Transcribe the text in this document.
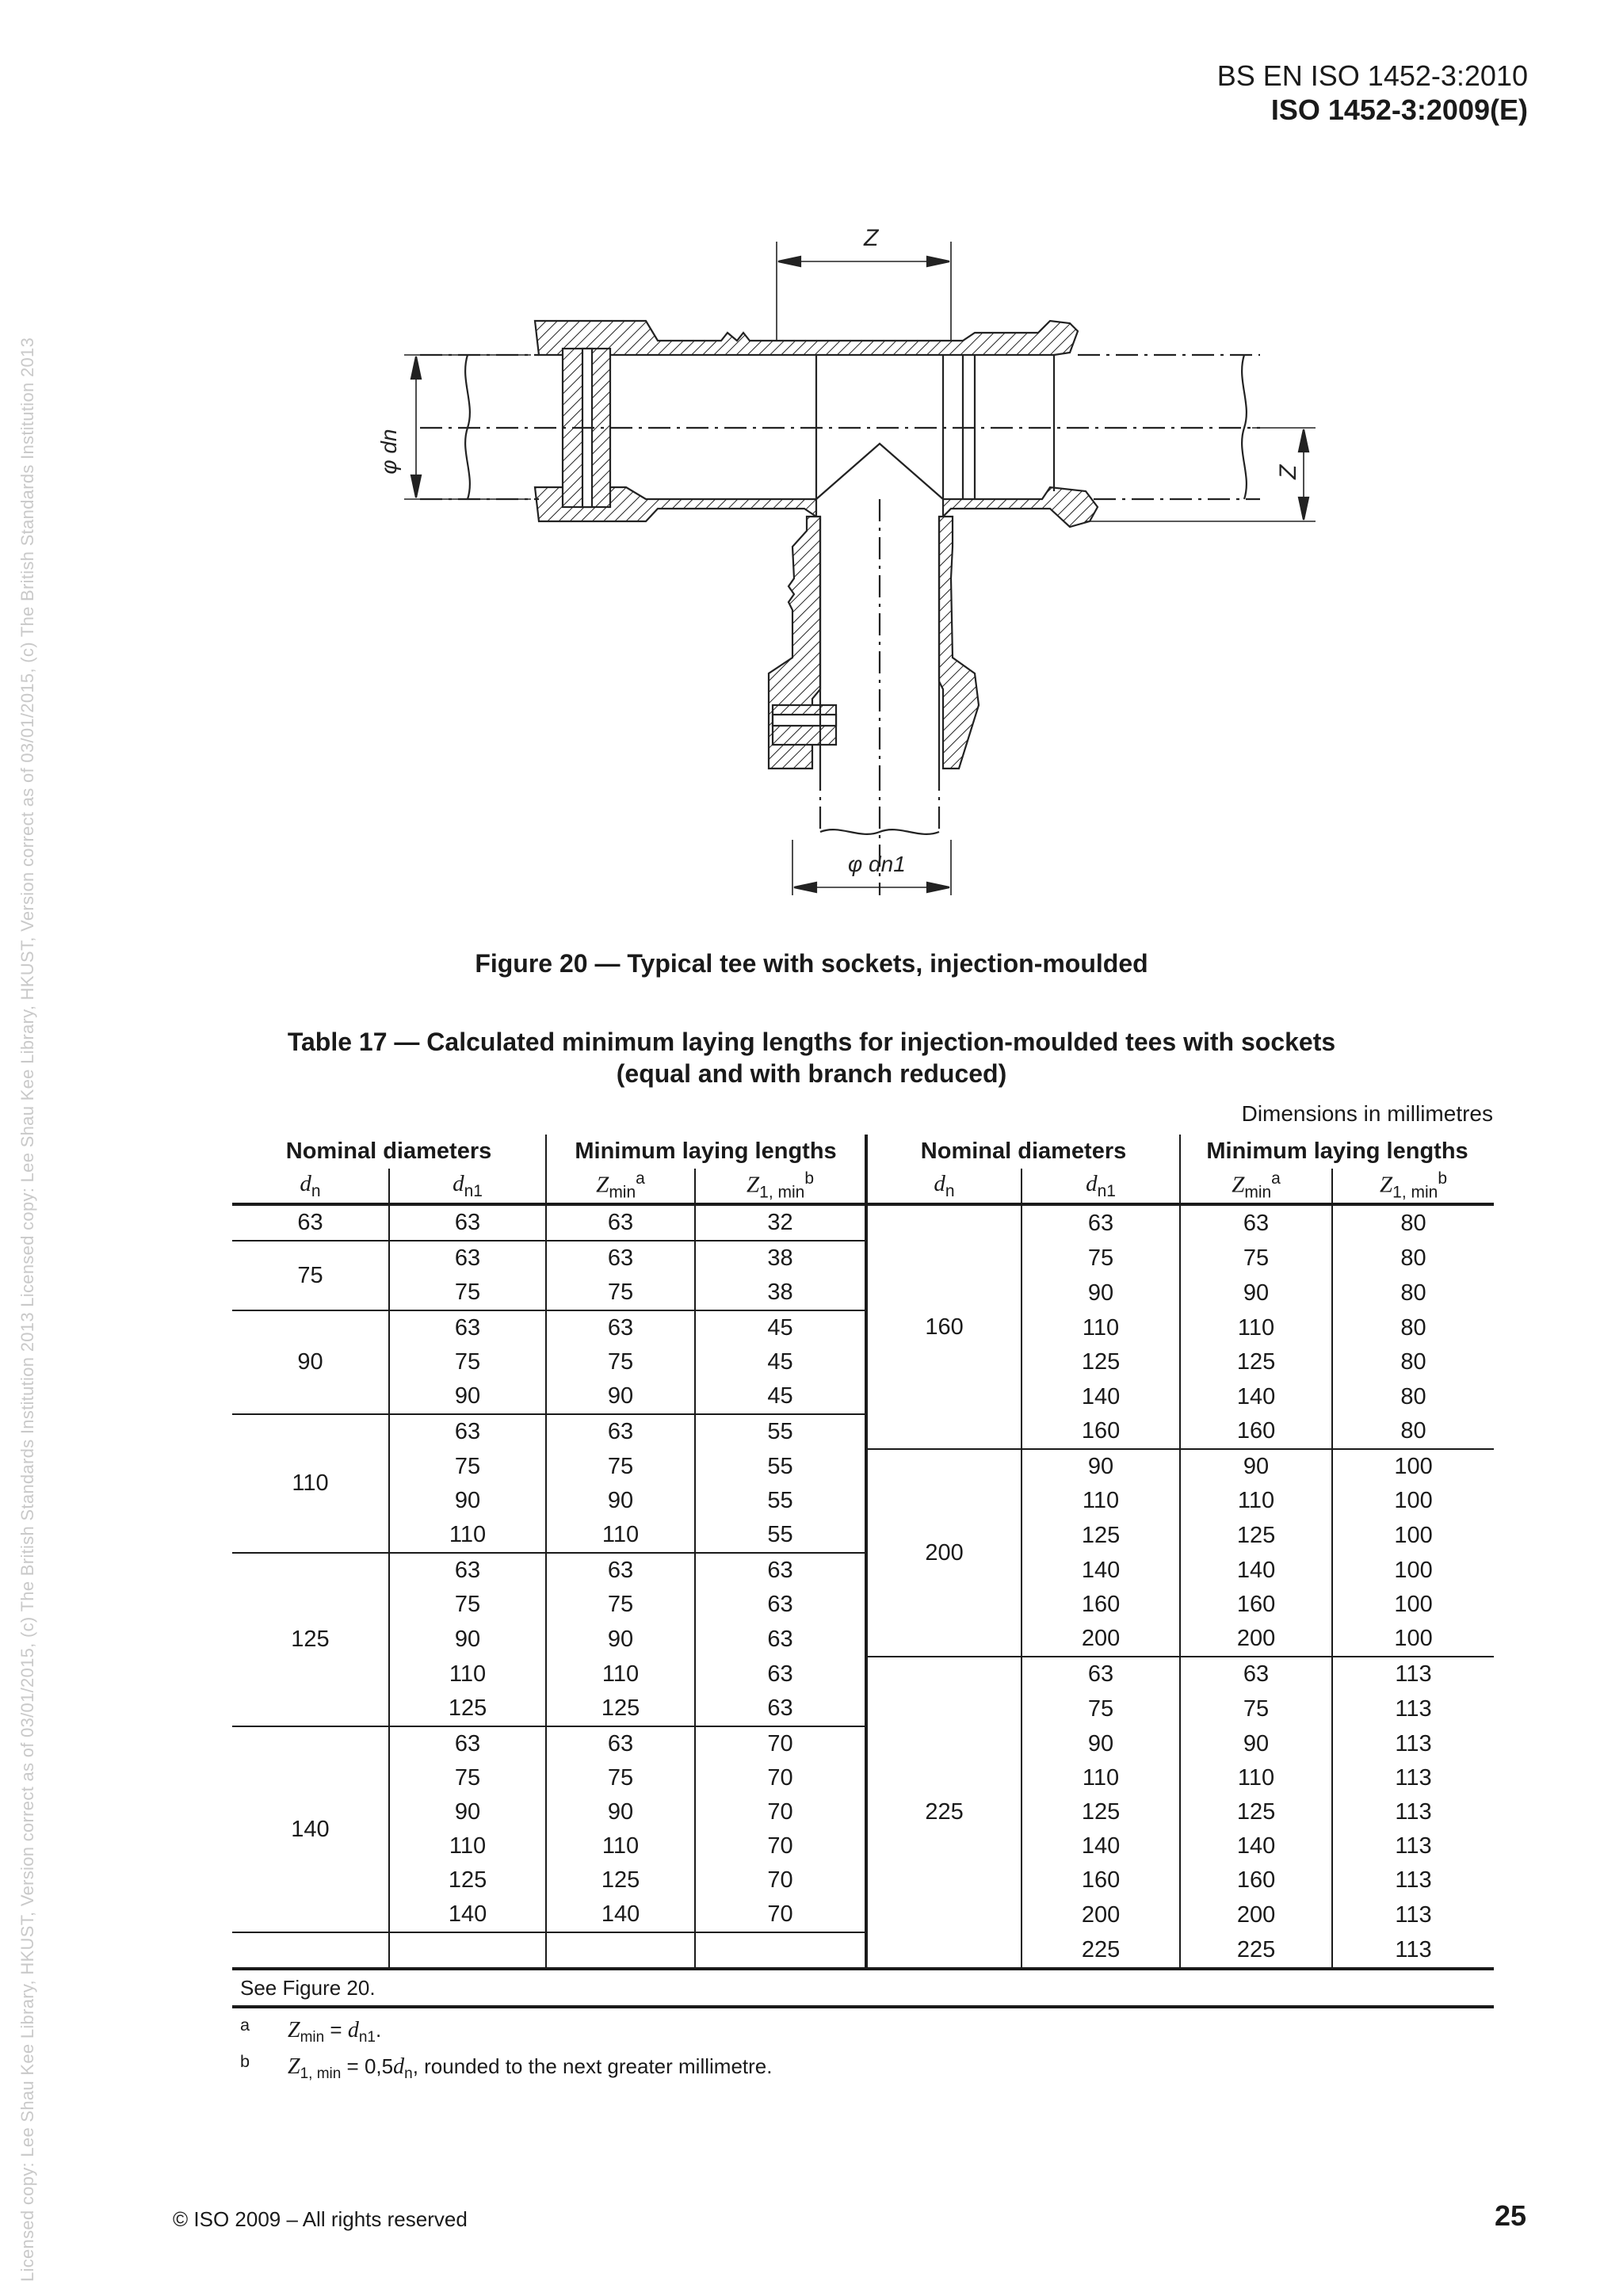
Licensed copy: Lee Shau Kee Library, HKUST, Version correct as of 03/01/2015, (c) The British Standards Institution 2013 Licensed copy: Lee Shau Kee Library, HKUST, Version correct as of 03/01/2015, (c) The British Standards Institution 2013
BS EN ISO 1452-3:2010
ISO 1452-3:2009(E)
Z
φ dn	Z
φ dn1
Figure 20 — Typical tee with sockets, injection-moulded
Table 17 — Calculated minimum laying lengths for injection-moulded tees with sockets
(equal and with branch reduced)
Dimensions in millimetres
Nominal diameters		Minimum laying lengths		Nominal diameters		Minimum laying lengths	
$d_n$	$d_{n1}$	$Z_{min}^a$	$Z_{1, min}^b$	$d_n$	$d_{n1}$	$Z_{min}^a$	$Z_{1, min}^b$
63	63	63	32	160	63	63	80
75	63	63	38		75	75	80
	75	75	38		90	90	80
90	63	63	45		110	110	80
	75	75	45		125	125	80
	90	90	45		140	140	80
110	63	63	55		160	160	80
	75	75	55	200	90	90	100
	90	90	55		110	110	100
	110	110	55		125	125	100
125	63	63	63		140	140	100
	75	75	63		160	160	100
	90	90	63		200	200	100
	110	110	63	225	63	63	113
	125	125	63		75	75	113
140	63	63	70		90	90	113
	75	75	70		110	110	113
	90	90	70		125	125	113
	110	110	70		140	140	113
	125	125	70		160	160	113
	140	140	70		200	200	113
					225	225	113
See Figure 20.							

$^a$ $Z_{min} = d_{n1}$.
$^b$ $Z_{1, min} = 0,5d_n$, rounded to the next greater millimetre.							
© ISO 2009 – All rights reserved	25
